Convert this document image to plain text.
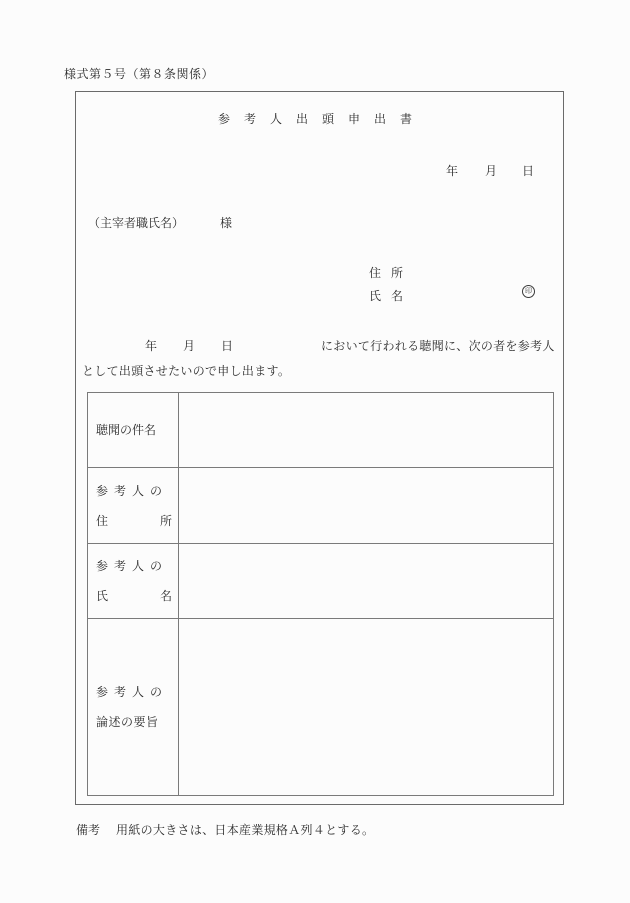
様式第５号（第８条関係）
参考人出頭申出書
年 月 日
（主宰者職氏名）	様
住所
氏名	印
年 月 日	において行われる聴聞に、次の者を参考人
として出頭させたいので申し出ます。
聴聞の件名	

参考人の
住 所	

参考人の
氏 名	

参考人の
論述の要旨	

備考 用紙の大きさは、日本産業規格Ａ列４とする。
